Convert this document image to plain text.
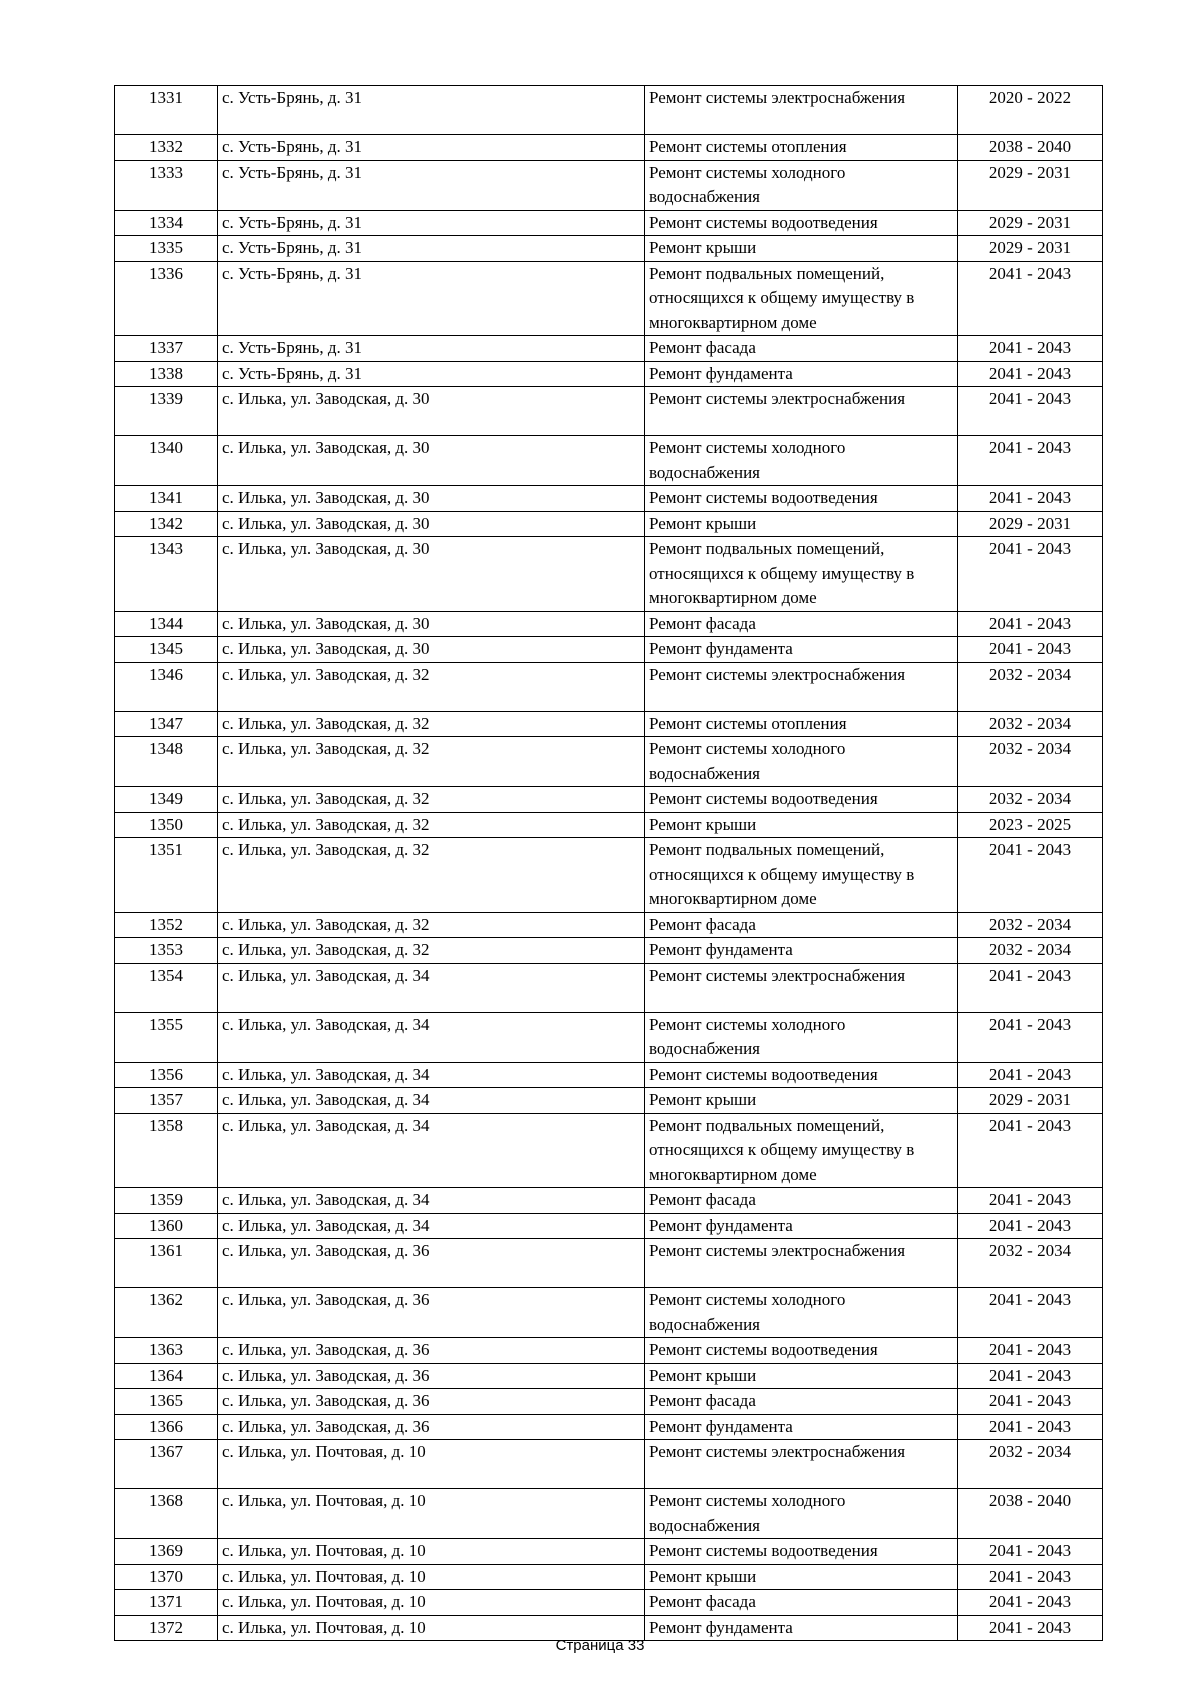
1331	с. Усть-Брянь, д. 31	Ремонт системы электроснабжения	2020 - 2022
1332	с. Усть-Брянь, д. 31	Ремонт системы отопления	2038 - 2040
1333	с. Усть-Брянь, д. 31	Ремонт системы холодного водоснабжения	2029 - 2031
1334	с. Усть-Брянь, д. 31	Ремонт системы водоотведения	2029 - 2031
1335	с. Усть-Брянь, д. 31	Ремонт крыши	2029 - 2031
1336	с. Усть-Брянь, д. 31	Ремонт подвальных помещений, относящихся к общему имуществу в многоквартирном доме	2041 - 2043
1337	с. Усть-Брянь, д. 31	Ремонт фасада	2041 - 2043
1338	с. Усть-Брянь, д. 31	Ремонт фундамента	2041 - 2043
1339	с. Илька, ул. Заводская, д. 30	Ремонт системы электроснабжения	2041 - 2043
1340	с. Илька, ул. Заводская, д. 30	Ремонт системы холодного водоснабжения	2041 - 2043
1341	с. Илька, ул. Заводская, д. 30	Ремонт системы водоотведения	2041 - 2043
1342	с. Илька, ул. Заводская, д. 30	Ремонт крыши	2029 - 2031
1343	с. Илька, ул. Заводская, д. 30	Ремонт подвальных помещений, относящихся к общему имуществу в многоквартирном доме	2041 - 2043
1344	с. Илька, ул. Заводская, д. 30	Ремонт фасада	2041 - 2043
1345	с. Илька, ул. Заводская, д. 30	Ремонт фундамента	2041 - 2043
1346	с. Илька, ул. Заводская, д. 32	Ремонт системы электроснабжения	2032 - 2034
1347	с. Илька, ул. Заводская, д. 32	Ремонт системы отопления	2032 - 2034
1348	с. Илька, ул. Заводская, д. 32	Ремонт системы холодного водоснабжения	2032 - 2034
1349	с. Илька, ул. Заводская, д. 32	Ремонт системы водоотведения	2032 - 2034
1350	с. Илька, ул. Заводская, д. 32	Ремонт крыши	2023 - 2025
1351	с. Илька, ул. Заводская, д. 32	Ремонт подвальных помещений, относящихся к общему имуществу в многоквартирном доме	2041 - 2043
1352	с. Илька, ул. Заводская, д. 32	Ремонт фасада	2032 - 2034
1353	с. Илька, ул. Заводская, д. 32	Ремонт фундамента	2032 - 2034
1354	с. Илька, ул. Заводская, д. 34	Ремонт системы электроснабжения	2041 - 2043
1355	с. Илька, ул. Заводская, д. 34	Ремонт системы холодного водоснабжения	2041 - 2043
1356	с. Илька, ул. Заводская, д. 34	Ремонт системы водоотведения	2041 - 2043
1357	с. Илька, ул. Заводская, д. 34	Ремонт крыши	2029 - 2031
1358	с. Илька, ул. Заводская, д. 34	Ремонт подвальных помещений, относящихся к общему имуществу в многоквартирном доме	2041 - 2043
1359	с. Илька, ул. Заводская, д. 34	Ремонт фасада	2041 - 2043
1360	с. Илька, ул. Заводская, д. 34	Ремонт фундамента	2041 - 2043
1361	с. Илька, ул. Заводская, д. 36	Ремонт системы электроснабжения	2032 - 2034
1362	с. Илька, ул. Заводская, д. 36	Ремонт системы холодного водоснабжения	2041 - 2043
1363	с. Илька, ул. Заводская, д. 36	Ремонт системы водоотведения	2041 - 2043
1364	с. Илька, ул. Заводская, д. 36	Ремонт крыши	2041 - 2043
1365	с. Илька, ул. Заводская, д. 36	Ремонт фасада	2041 - 2043
1366	с. Илька, ул. Заводская, д. 36	Ремонт фундамента	2041 - 2043
1367	с. Илька, ул. Почтовая, д. 10	Ремонт системы электроснабжения	2032 - 2034
1368	с. Илька, ул. Почтовая, д. 10	Ремонт системы холодного водоснабжения	2038 - 2040
1369	с. Илька, ул. Почтовая, д. 10	Ремонт системы водоотведения	2041 - 2043
1370	с. Илька, ул. Почтовая, д. 10	Ремонт крыши	2041 - 2043
1371	с. Илька, ул. Почтовая, д. 10	Ремонт фасада	2041 - 2043
1372	с. Илька, ул. Почтовая, д. 10	Ремонт фундамента	2041 - 2043
Страница 33
